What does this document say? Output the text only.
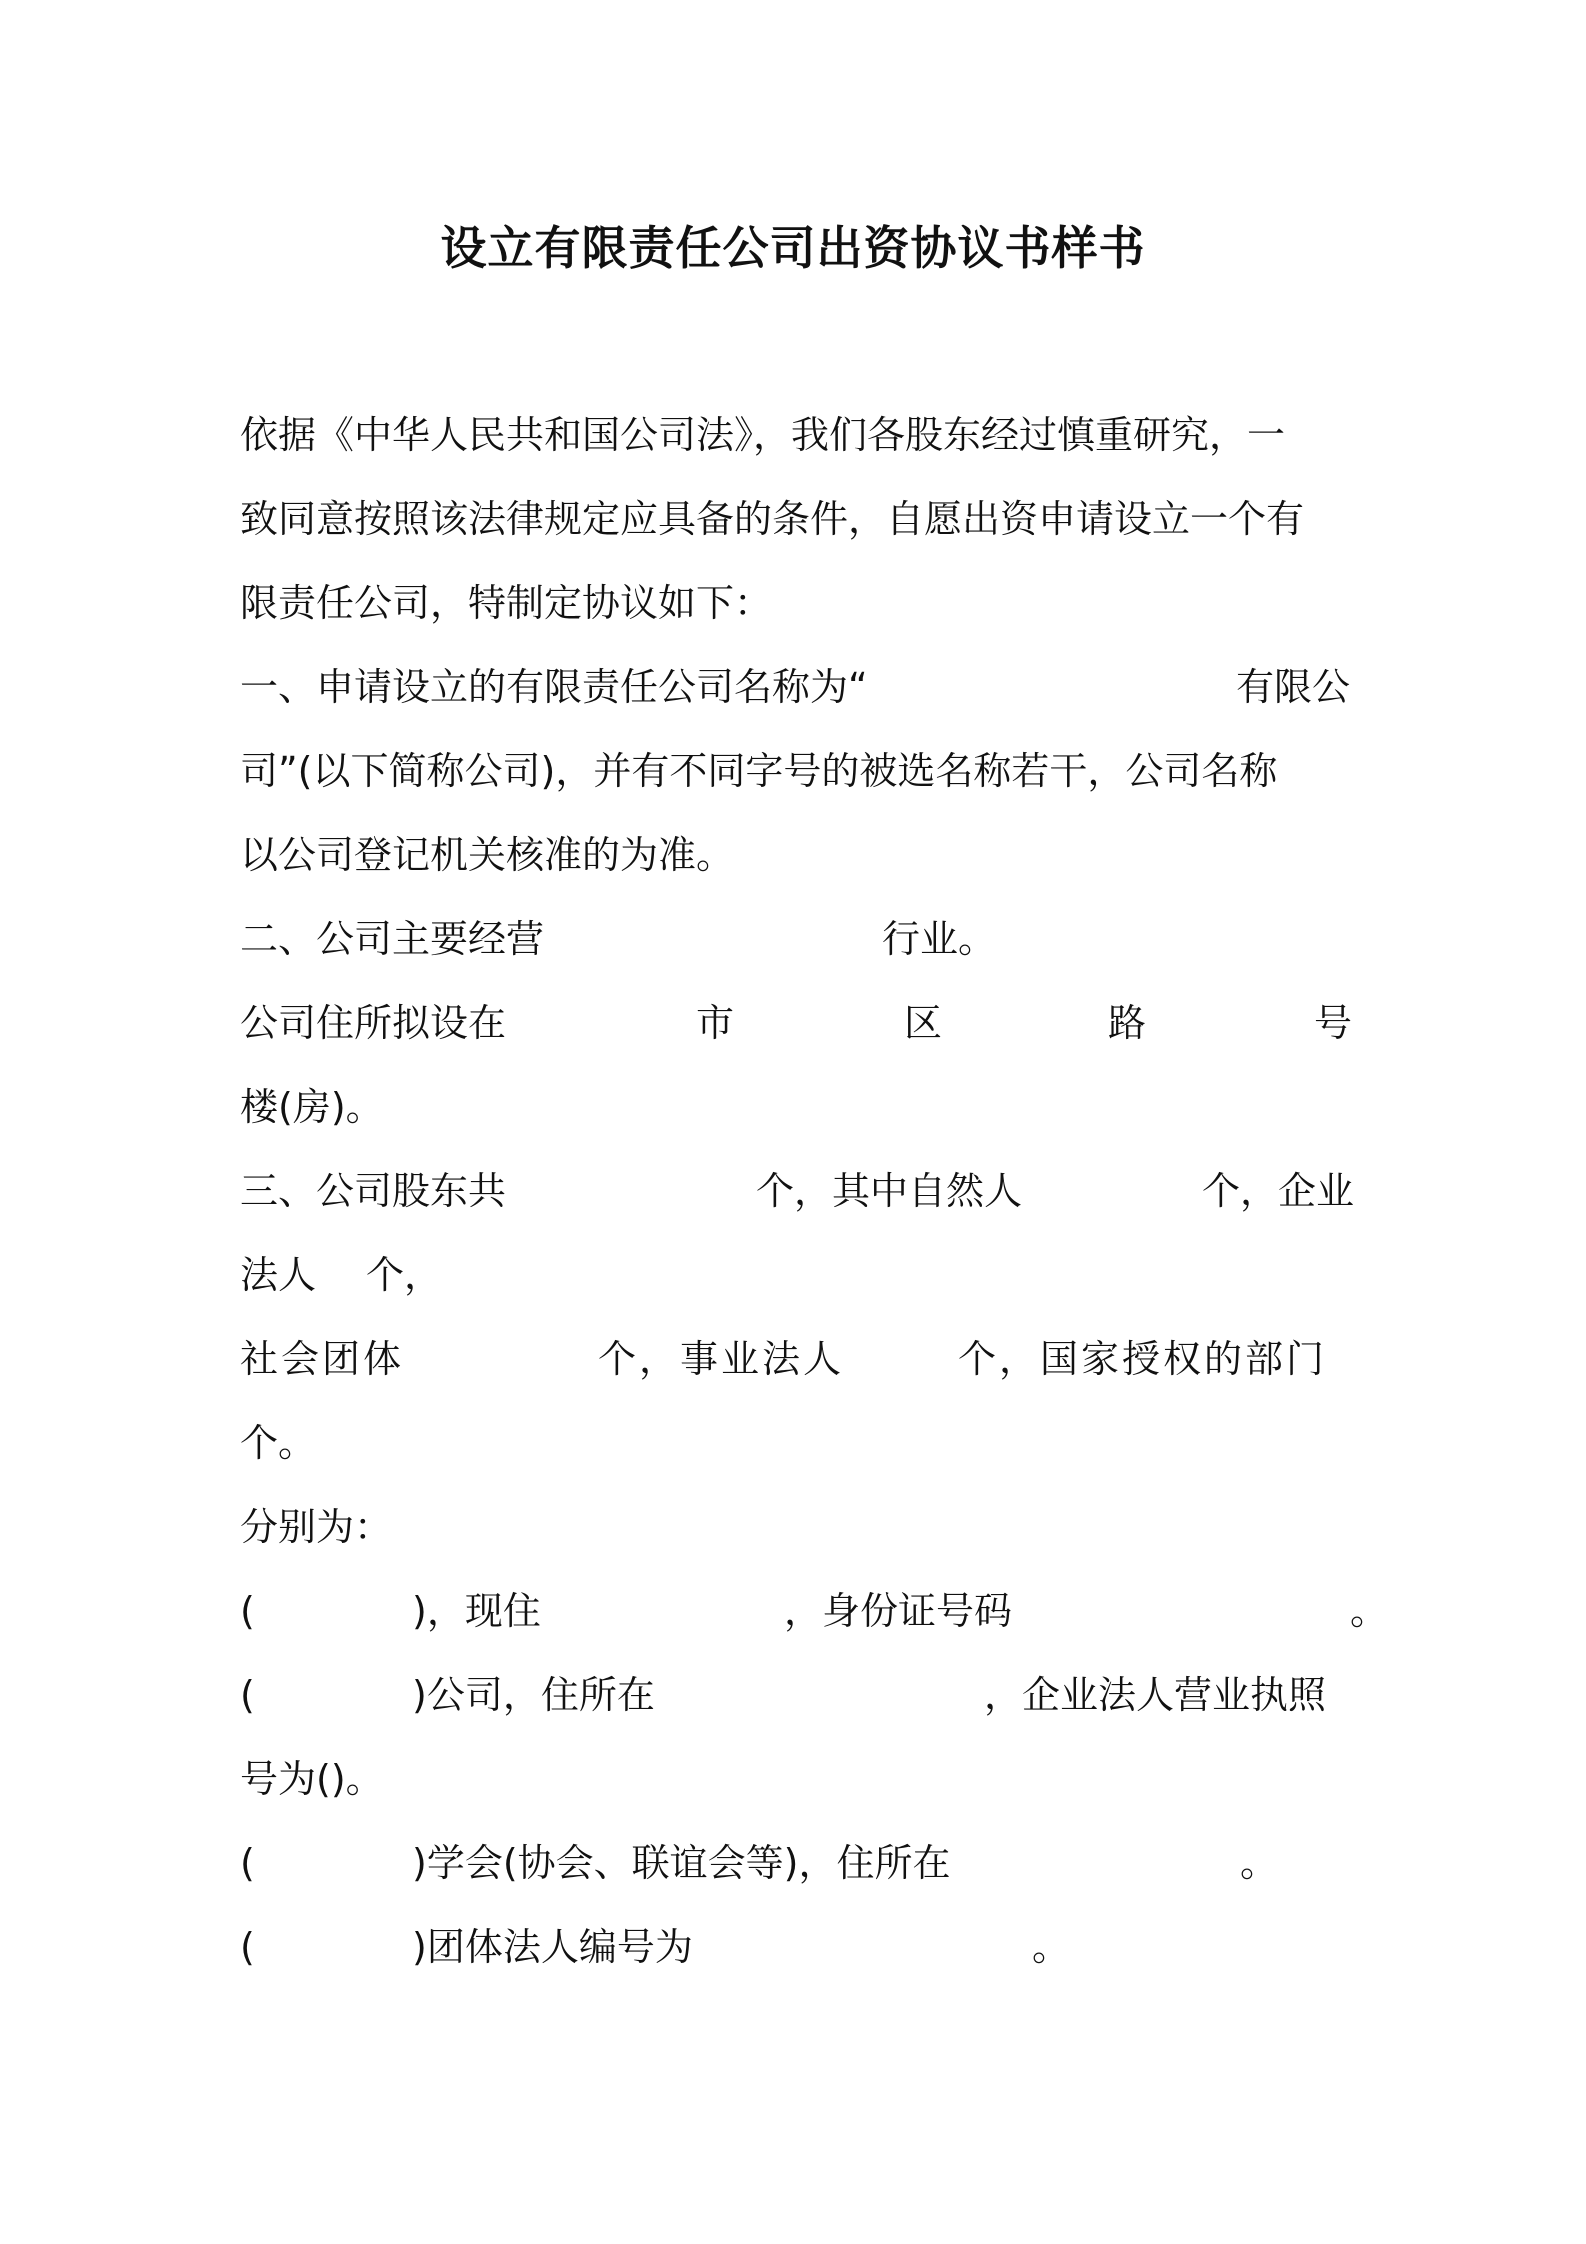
设立有限责任公司出资协议书样书
依据《中华人民共和国公司法》，我们各股东经过慎重研究，一
致同意按照该法律规定应具备的条件，自愿出资申请设立一个有
限责任公司，特制定协议如下：
一、申请设立的有限责任公司名称为“	有限公
司”(以下简称公司)，并有不同字号的被选名称若干，公司名称
以公司登记机关核准的为准。
二、公司主要经营	行业。
公司住所拟设在	市	区	路	号
楼(房)。
三、公司股东共	个，其中自然人	个，企业
法人 个，
社会团体	个，事业法人	个，国家授权的部门
个。
分别为：
(	)，现住	，身份证号码	。
(	)公司，住所在	，企业法人营业执照
号为()。
(	)学会(协会、联谊会等)，住所在	。
(	)团体法人编号为	。
